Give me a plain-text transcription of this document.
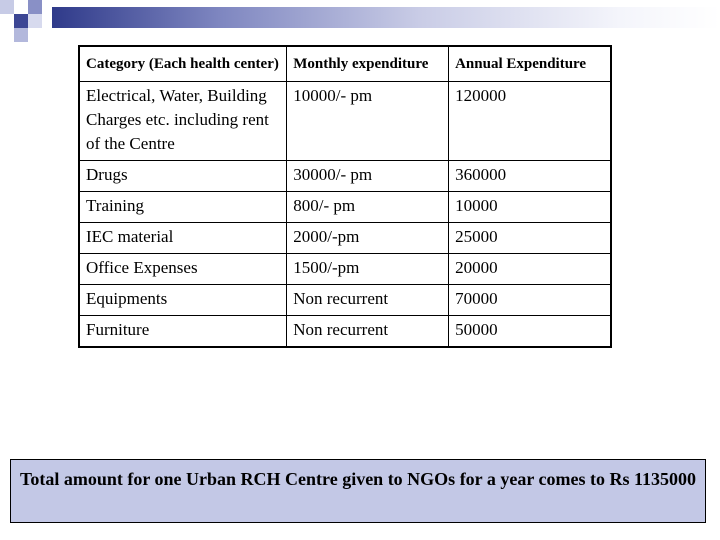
Category (Each health center)	Monthly expenditure	Annual Expenditure
Electrical, Water, Building Charges etc. including rent of the Centre	10000/- pm	120000
Drugs	30000/- pm	360000
Training	800/- pm	10000
IEC material	2000/-pm	25000
Office Expenses	1500/-pm	20000
Equipments	Non recurrent	70000
Furniture	Non recurrent	50000
Total amount for one Urban RCH Centre given to NGOs for a year comes to Rs 1135000
